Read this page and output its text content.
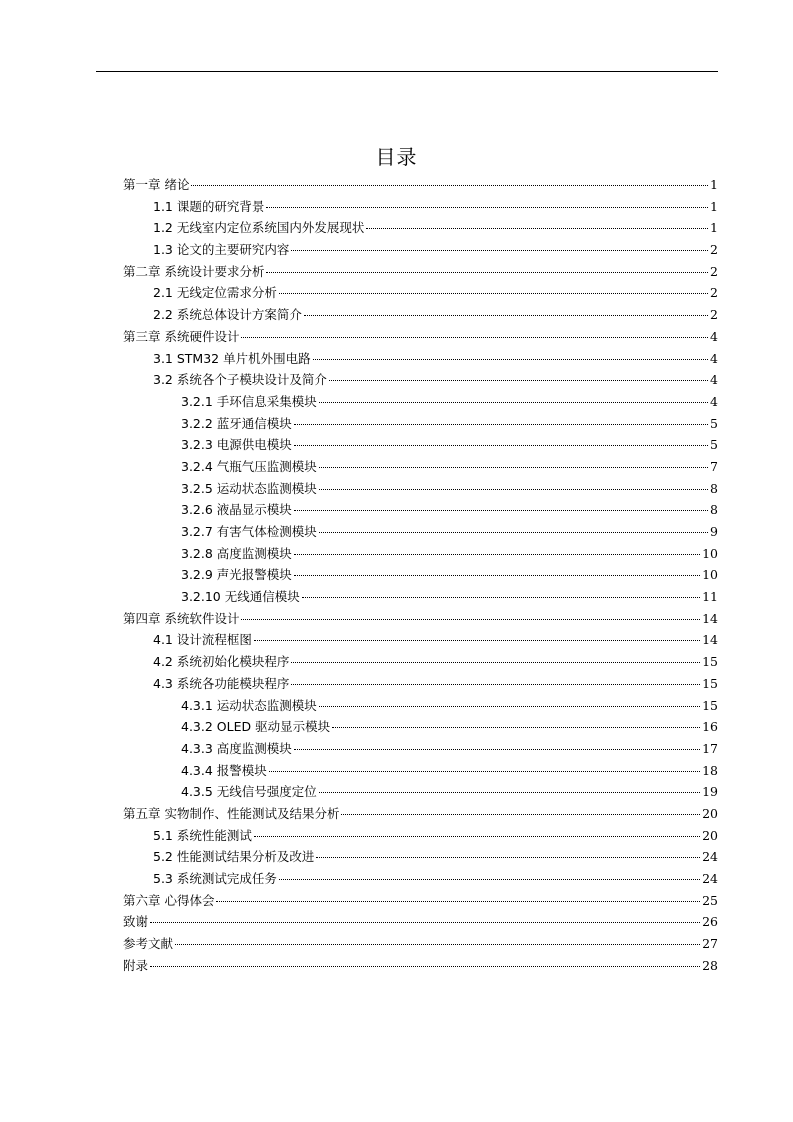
目录
第一章 绪论	1
1.1 课题的研究背景	1
1.2 无线室内定位系统国内外发展现状	1
1.3 论文的主要研究内容	2
第二章 系统设计要求分析	2
2.1 无线定位需求分析	2
2.2 系统总体设计方案简介	2
第三章 系统硬件设计	4
3.1 STM32 单片机外围电路	4
3.2 系统各个子模块设计及简介	4
3.2.1 手环信息采集模块	4
3.2.2 蓝牙通信模块	5
3.2.3 电源供电模块	5
3.2.4 气瓶气压监测模块	7
3.2.5 运动状态监测模块	8
3.2.6 液晶显示模块	8
3.2.7 有害气体检测模块	9
3.2.8 高度监测模块	10
3.2.9 声光报警模块	10
3.2.10 无线通信模块	11
第四章 系统软件设计	14
4.1 设计流程框图	14
4.2 系统初始化模块程序	15
4.3 系统各功能模块程序	15
4.3.1 运动状态监测模块	15
4.3.2 OLED 驱动显示模块	16
4.3.3 高度监测模块	17
4.3.4 报警模块	18
4.3.5 无线信号强度定位	19
第五章 实物制作、性能测试及结果分析	20
5.1 系统性能测试	20
5.2 性能测试结果分析及改进	24
5.3 系统测试完成任务	24
第六章 心得体会	25
致谢	26
参考文献	27
附录	28
